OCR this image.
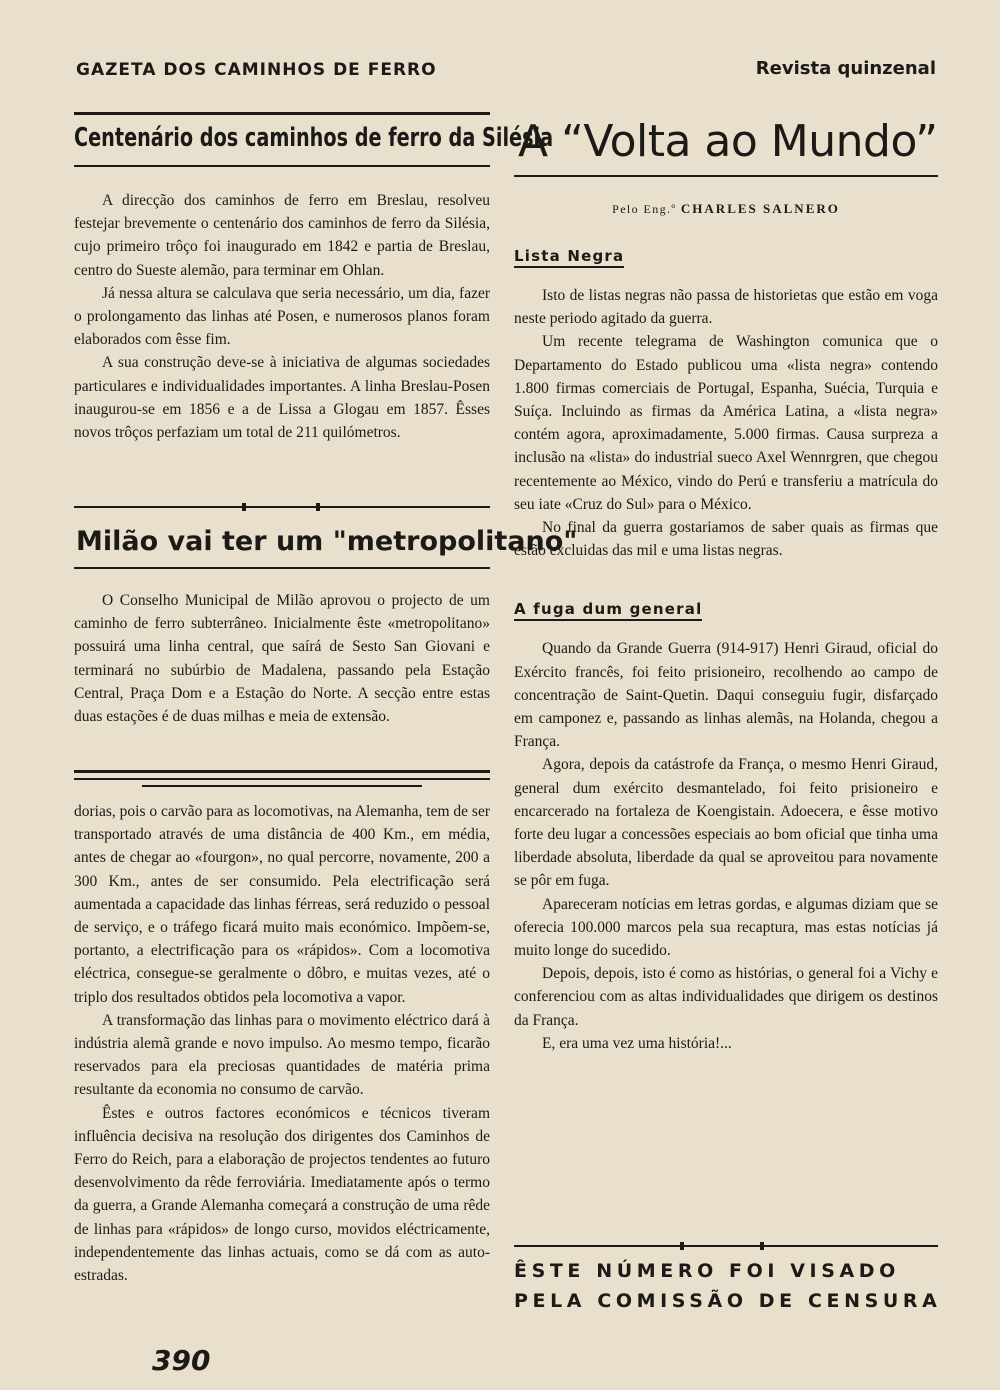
GAZETA DOS CAMINHOS DE FERRO	Revista quinzenal
Centenário dos caminhos de ferro da Silésia

A direcção dos caminhos de ferro em Breslau, resolveu festejar brevemente o centenário dos caminhos de ferro da Silésia, cujo primeiro trôço foi inaugurado em 1842 e partia de Breslau, centro do Sueste alemão, para terminar em Ohlan.

Já nessa altura se calculava que seria necessário, um dia, fazer o prolongamento das linhas até Posen, e numerosos planos foram elaborados com êsse fim.

A sua construção deve-se à iniciativa de algumas sociedades particulares e individualidades importantes. A linha Breslau-Posen inaugurou-se em 1856 e a de Lissa a Glogau em 1857. Êsses novos trôços perfaziam um total de 211 quilómetros.

Milão vai ter um "metropolitano"

O Conselho Municipal de Milão aprovou o projecto de um caminho de ferro subterrâneo. Inicialmente êste «metropolitano» possuirá uma linha central, que saírá de Sesto San Giovani e terminará no subúrbio de Madalena, passando pela Estação Central, Praça Dom e a Estação do Norte. A secção entre estas duas estações é de duas milhas e meia de extensão.

dorias, pois o carvão para as locomotivas, na Alemanha, tem de ser transportado através de uma distância de 400 Km., em média, antes de chegar ao «fourgon», no qual percorre, novamente, 200 a 300 Km., antes de ser consumido. Pela electrificação será aumentada a capacidade das linhas férreas, será reduzido o pessoal de serviço, e o tráfego ficará muito mais económico. Impõem-se, portanto, a electrificação para os «rápidos». Com a locomotiva eléctrica, consegue-se geralmente o dôbro, e muitas vezes, até o triplo dos resultados obtidos pela locomotiva a vapor.

A transformação das linhas para o movimento eléctrico dará à indústria alemã grande e novo impulso. Ao mesmo tempo, ficarão reservados para ela preciosas quantidades de matéria prima resultante da economia no consumo de carvão.

Êstes e outros factores económicos e técnicos tiveram influência decisiva na resolução dos dirigentes dos Caminhos de Ferro do Reich, para a elaboração de projectos tendentes ao futuro desenvolvimento da rêde ferroviária. Imediatamente após o termo da guerra, a Grande Alemanha começará a construção de uma rêde de linhas para «rápidos» de longo curso, movidos eléctricamente, independentemente das linhas actuais, como se dá com as auto-estradas.

A “Volta ao Mundo”
Pelo Eng.º CHARLES SALNERO
Lista Negra

Isto de listas negras não passa de historietas que estão em voga neste periodo agitado da guerra.

Um recente telegrama de Washington comunica que o Departamento do Estado publicou uma «lista negra» contendo 1.800 firmas comerciais de Portugal, Espanha, Suécia, Turquia e Suíça. Incluindo as firmas da América Latina, a «lista negra» contém agora, aproximadamente, 5.000 firmas. Causa surpreza a inclusão na «lista» do industrial sueco Axel Wennrgren, que chegou recentemente ao México, vindo do Perú e transferiu a matrícula do seu iate «Cruz do Sul» para o México.

No final da guerra gostariamos de saber quais as firmas que estão excluidas das mil e uma listas negras.

A fuga dum general

Quando da Grande Guerra (914-917) Henri Giraud, oficial do Exército francês, foi feito prisioneiro, recolhendo ao campo de concentração de Saint-Quetin. Daqui conseguiu fugir, disfarçado em camponez e, passando as linhas alemãs, na Holanda, chegou a França.

Agora, depois da catástrofe da França, o mesmo Henri Giraud, general dum exército desmantelado, foi feito prisioneiro e encarcerado na fortaleza de Koengistain. Adoecera, e êsse motivo forte deu lugar a concessões especiais ao bom oficial que tinha uma liberdade absoluta, liberdade da qual se aproveitou para novamente se pôr em fuga.

Apareceram notícias em letras gordas, e algumas diziam que se oferecia 100.000 marcos pela sua recaptura, mas estas notícias já muito longe do sucedido.

Depois, depois, isto é como as histórias, o general foi a Vichy e conferenciou com as altas individualidades que dirigem os destinos da França.

E, era uma vez uma história!...

ÊSTE NÚMERO FOI VISADO
PELA COMISSÃO DE CENSURA
390
